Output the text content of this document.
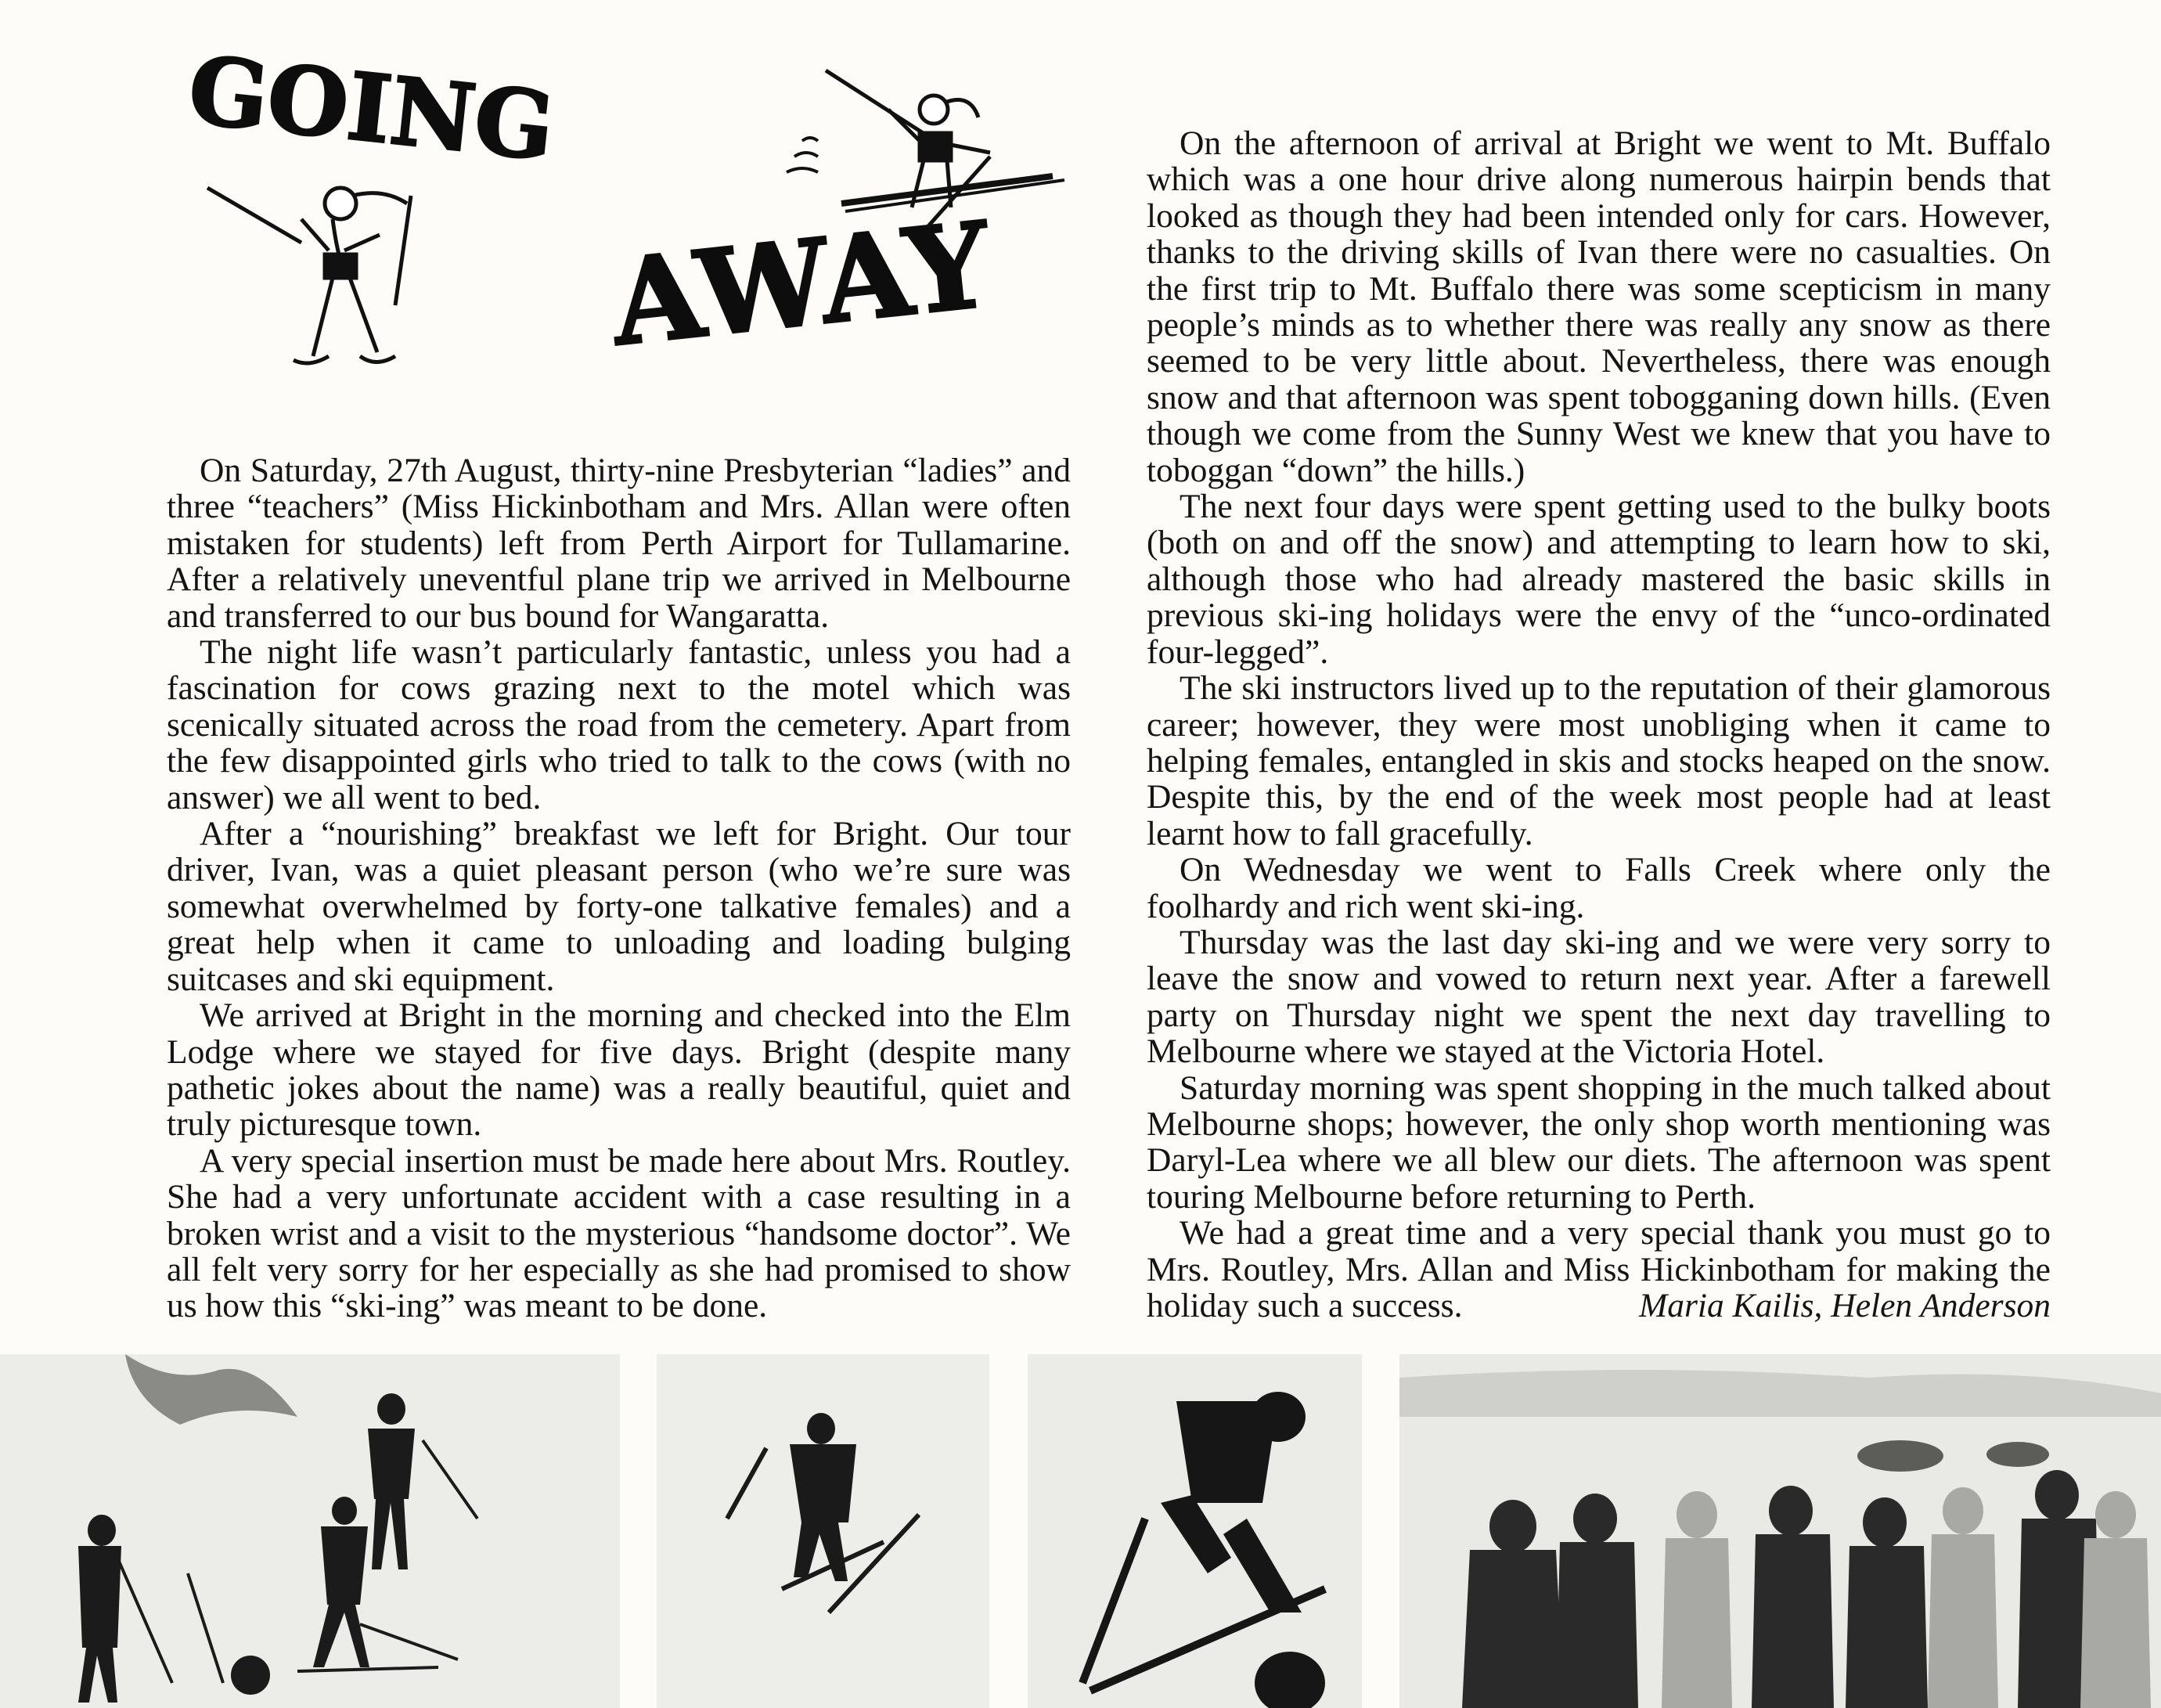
GOING
AWAY

On Saturday, 27th August, thirty-nine Presbyterian “ladies” and three “teachers” (Miss Hickinbotham and Mrs. Allan were often mistaken for students) left from Perth Airport for Tullamarine. After a relatively uneventful plane trip we arrived in Melbourne and transferred to our bus bound for Wangaratta.

The night life wasn’t particularly fantastic, unless you had a fascination for cows grazing next to the motel which was scenically situated across the road from the cemetery. Apart from the few disappointed girls who tried to talk to the cows (with no answer) we all went to bed.

After a “nourishing” breakfast we left for Bright. Our tour driver, Ivan, was a quiet pleasant person (who we’re sure was somewhat overwhelmed by forty-one talkative females) and a great help when it came to unloading and loading bulging suitcases and ski equipment.

We arrived at Bright in the morning and checked into the Elm Lodge where we stayed for five days. Bright (despite many pathetic jokes about the name) was a really beautiful, quiet and truly picturesque town.

A very special insertion must be made here about Mrs. Routley. She had a very unfortunate accident with a case resulting in a broken wrist and a visit to the mysterious “handsome doctor”. We all felt very sorry for her especially as she had promised to show us how this “ski-ing” was meant to be done.

On the afternoon of arrival at Bright we went to Mt. Buffalo which was a one hour drive along numerous hairpin bends that looked as though they had been intended only for cars. However, thanks to the driving skills of Ivan there were no casualties. On the first trip to Mt. Buffalo there was some scepticism in many people’s minds as to whether there was really any snow as there seemed to be very little about. Nevertheless, there was enough snow and that afternoon was spent tobogganing down hills. (Even though we come from the Sunny West we knew that you have to toboggan “down” the hills.)

The next four days were spent getting used to the bulky boots (both on and off the snow) and attempting to learn how to ski, although those who had already mastered the basic skills in previous ski-ing holidays were the envy of the “unco-ordinated four-legged”.

The ski instructors lived up to the reputation of their glamorous career; however, they were most unobliging when it came to helping females, entangled in skis and stocks heaped on the snow. Despite this, by the end of the week most people had at least learnt how to fall gracefully.

On Wednesday we went to Falls Creek where only the foolhardy and rich went ski-ing.

Thursday was the last day ski-ing and we were very sorry to leave the snow and vowed to return next year. After a farewell party on Thursday night we spent the next day travelling to Melbourne where we stayed at the Victoria Hotel.

Saturday morning was spent shopping in the much talked about Melbourne shops; however, the only shop worth mentioning was Daryl-Lea where we all blew our diets. The afternoon was spent touring Melbourne before returning to Perth.

We had a great time and a very special thank you must go to Mrs. Routley, Mrs. Allan and Miss Hickinbotham for making the holiday such a success.	Maria Kailis, Helen Anderson
